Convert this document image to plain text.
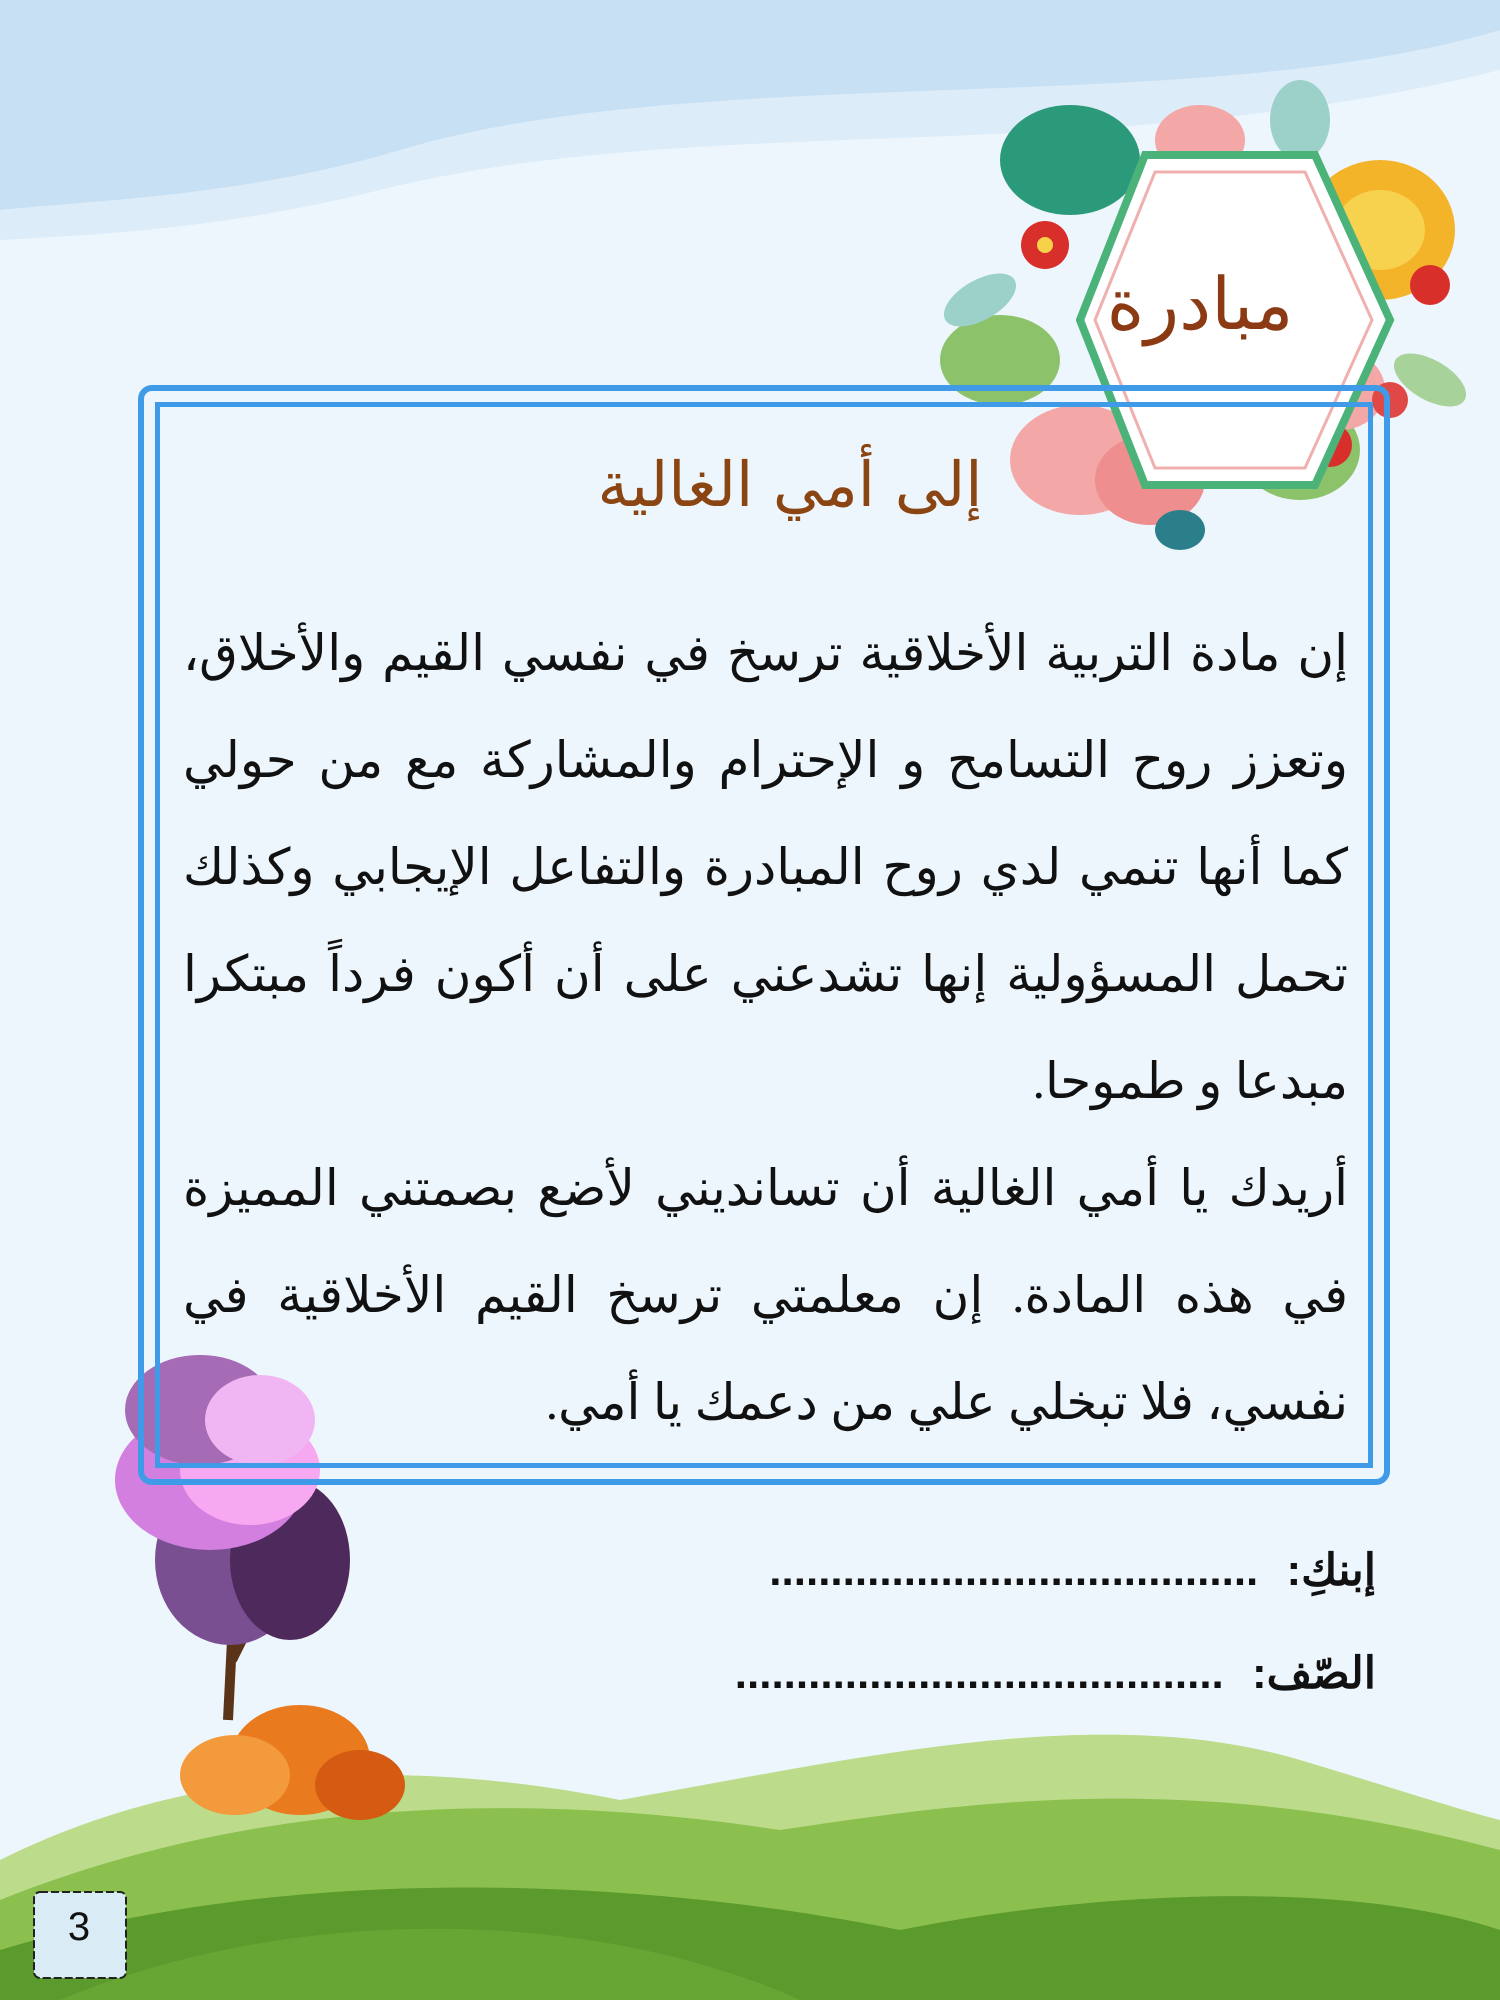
مبادرة
إلى أمي الغالية

إن مادة التربية الأخلاقية ترسخ في نفسي القيم والأخلاق، وتعزز روح التسامح و الإحترام والمشاركة مع من حولي كما أنها تنمي لدي روح المبادرة والتفاعل الإيجابي وكذلك تحمل المسؤولية إنها تشدعني على أن أكون فرداً مبتكرا مبدعا و طموحا.

أريدك يا أمي الغالية أن تسانديني لأضع بصمتني المميزة في هذه المادة. إن معلمتي ترسخ القيم الأخلاقية في نفسي، فلا تبخلي علي من دعمك يا أمي.

إبنكِ: ........................................
الصّف: ........................................
3
